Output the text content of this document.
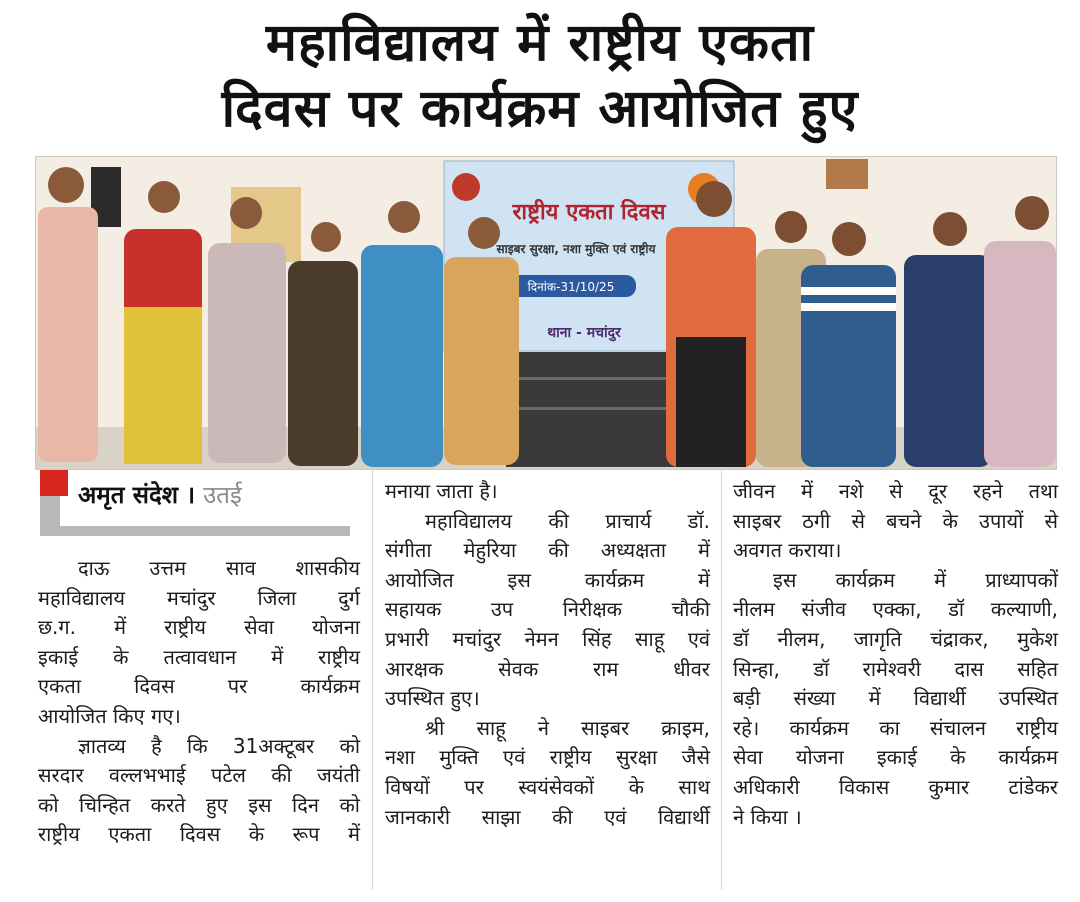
महाविद्यालय में राष्ट्रीय एकता
दिवस पर कार्यक्रम आयोजित हुए
राष्ट्रीय एकता दिवस
साइबर सुरक्षा, नशा मुक्ति एवं राष्ट्रीय
दिनांक-31/10/25
थाना - मचांदुर
अमृत संदेश । उतई
दाऊ उत्तम साव शासकीय
महाविद्यालय मचांदुर जिला दुर्ग
छ.ग. में राष्ट्रीय सेवा योजना
इकाई के तत्वावधान में राष्ट्रीय
एकता दिवस पर कार्यक्रम
आयोजित किए गए।
ज्ञातव्य है कि 31अक्टूबर को
सरदार वल्लभभाई पटेल की जयंती
को चिन्हित करते हुए इस दिन को
राष्ट्रीय एकता दिवस के रूप में
मनाया जाता है।
महाविद्यालय की प्राचार्य डॉ.
संगीता मेहुरिया की अध्यक्षता में
आयोजित इस कार्यक्रम में
सहायक उप निरीक्षक चौकी
प्रभारी मचांदुर नेमन सिंह साहू एवं
आरक्षक सेवक राम धीवर
उपस्थित हुए।
श्री साहू ने साइबर क्राइम,
नशा मुक्ति एवं राष्ट्रीय सुरक्षा जैसे
विषयों पर स्वयंसेवकों के साथ
जानकारी साझा की एवं विद्यार्थी
जीवन में नशे से दूर रहने तथा
साइबर ठगी से बचने के उपायों से
अवगत कराया।
इस कार्यक्रम में प्राध्यापकों
नीलम संजीव एक्का, डॉ कल्याणी,
डॉ नीलम, जागृति चंद्राकर, मुकेश
सिन्हा, डॉ रामेश्वरी दास सहित
बड़ी संख्या में विद्यार्थी उपस्थित
रहे। कार्यक्रम का संचालन राष्ट्रीय
सेवा योजना इकाई के कार्यक्रम
अधिकारी विकास कुमार टांडेकर
ने किया ।
